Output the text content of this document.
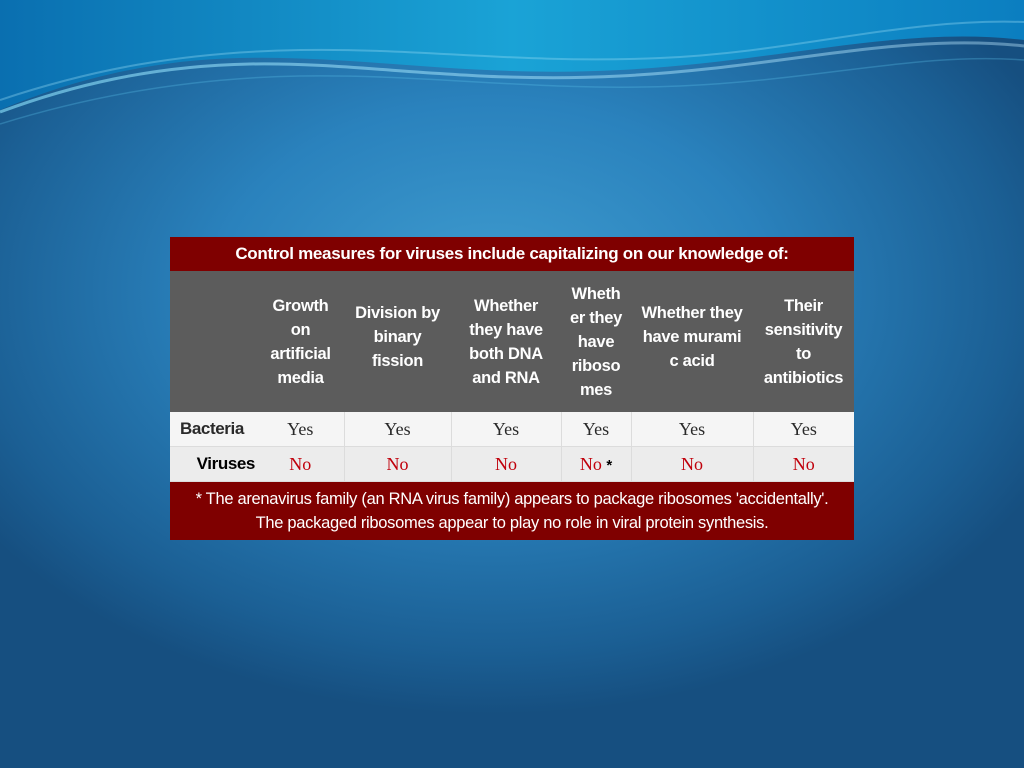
Control measures for viruses include capitalizing on our knowledge of:						
	Growth
on
artificial
media	Division by
binary
fission	Whether
they have
both DNA
and RNA	Wheth
er they
have
riboso
mes	Whether they
have murami
c acid	Their
sensitivity
to
antibiotics
Bacteria	Yes	Yes	Yes	Yes	Yes	Yes
Viruses	No	No	No	No *	No	No
* The arenavirus family (an RNA virus family) appears to package ribosomes 'accidentally'.
The packaged ribosomes appear to play no role in viral protein synthesis.						
